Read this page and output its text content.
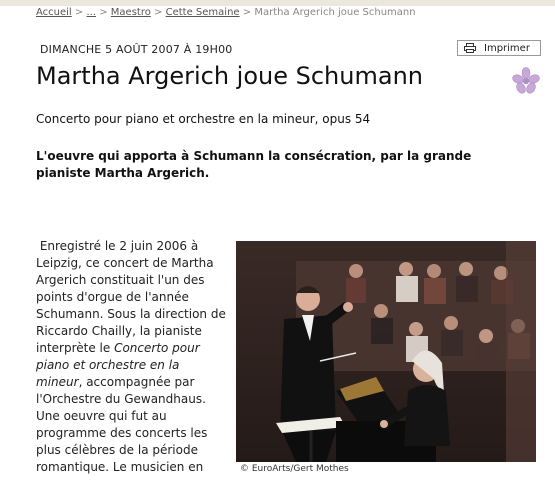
Accueil > ... > Maestro > Cette Semaine > Martha Argerich joue Schumann
DIMANCHE 5 AOÛT 2007 À 19H00	Imprimer
Martha Argerich joue Schumann
Concerto pour piano et orchestre en la mineur, opus 54
L'oeuvre qui apporta à Schumann la consécration, par la grande pianiste Martha Argerich.
Enregistré le 2 juin 2006 à Leipzig, ce concert de Martha Argerich constituait l'un des points d'orgue de l'année Schumann. Sous la direction de Riccardo Chailly, la pianiste interprète le Concerto pour piano et orchestre en la mineur, accompagnée par l'Orchestre du Gewandhaus. Une oeuvre qui fut au programme des concerts les plus célèbres de la période romantique. Le musicien en	© EuroArts/Gert Mothes
